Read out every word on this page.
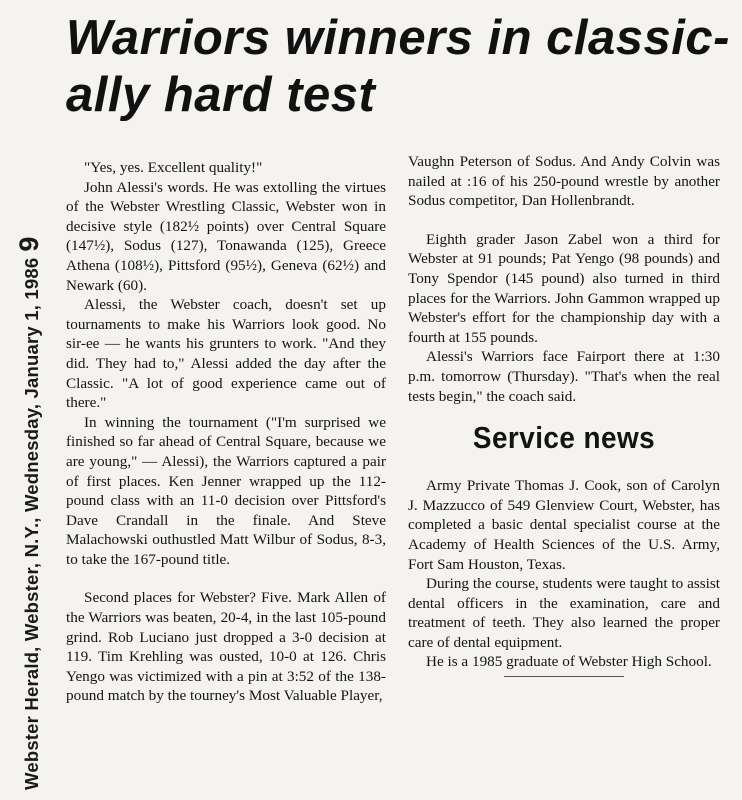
Webster Herald, Webster, N.Y., Wednesday, January 1, 19869
Warriors winners in classic-ally hard test

"Yes, yes. Excellent quality!"

John Alessi's words. He was extolling the virtues of the Webster Wrestling Classic, Webster won in decisive style (182½ points) over Central Square (147½), Sodus (127), Tonawanda (125), Greece Athena (108½), Pittsford (95½), Geneva (62½) and Newark (60).

Alessi, the Webster coach, doesn't set up tournaments to make his Warriors look good. No sir-ee — he wants his grunters to work. "And they did. They had to," Alessi added the day after the Classic. "A lot of good experience came out of there."

In winning the tournament ("I'm surprised we finished so far ahead of Central Square, because we are young," — Alessi), the Warriors captured a pair of first places. Ken Jenner wrapped up the 112-pound class with an 11-0 decision over Pittsford's Dave Crandall in the finale. And Steve Malachowski outhustled Matt Wilbur of Sodus, 8-3, to take the 167-pound title.

Second places for Webster? Five. Mark Allen of the Warriors was beaten, 20-4, in the last 105-pound grind. Rob Luciano just dropped a 3-0 decision at 119. Tim Krehling was ousted, 10-0 at 126. Chris Yengo was victimized with a pin at 3:52 of the 138-pound match by the tourney's Most Valuable Player,

Vaughn Peterson of Sodus. And Andy Colvin was nailed at :16 of his 250-pound wrestle by another Sodus competitor, Dan Hollenbrandt.

Eighth grader Jason Zabel won a third for Webster at 91 pounds; Pat Yengo (98 pounds) and Tony Spendor (145 pound) also turned in third places for the Warriors. John Gammon wrapped up Webster's effort for the championship day with a fourth at 155 pounds.

Alessi's Warriors face Fairport there at 1:30 p.m. tomorrow (Thursday). "That's when the real tests begin," the coach said.

Service news

Army Private Thomas J. Cook, son of Carolyn J. Mazzucco of 549 Glenview Court, Webster, has completed a basic dental specialist course at the Academy of Health Sciences of the U.S. Army, Fort Sam Houston, Texas.

During the course, students were taught to assist dental officers in the examination, care and treatment of teeth. They also learned the proper care of dental equipment.

He is a 1985 graduate of Webster High School.
